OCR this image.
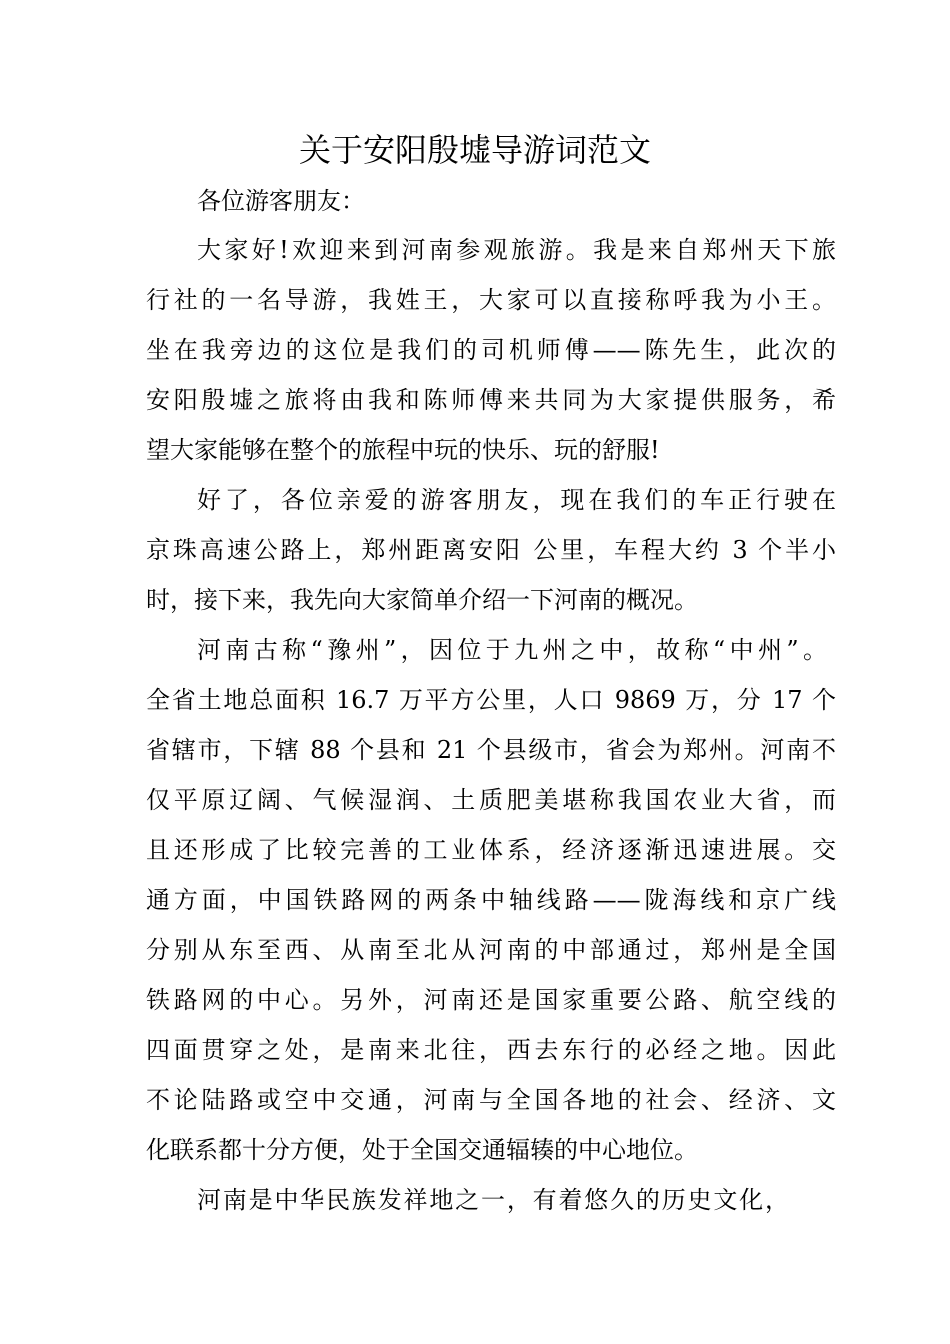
关于安阳殷墟导游词范文
各位游客朋友：
大家好!欢迎来到河南参观旅游。我是来自郑州天下旅
行社的一名导游，我姓王，大家可以直接称呼我为小王。
坐在我旁边的这位是我们的司机师傅——陈先生，此次的
安阳殷墟之旅将由我和陈师傅来共同为大家提供服务，希
望大家能够在整个的旅程中玩的快乐、玩的舒服!
好了，各位亲爱的游客朋友，现在我们的车正行驶在
京珠高速公路上，郑州距离安阳 公里，车程大约 3 个半小
时，接下来，我先向大家简单介绍一下河南的概况。
河南古称“豫州”，因位于九州之中，故称“中州”。
全省土地总面积 16.7 万平方公里，人口 9869 万，分 17 个
省辖市，下辖 88 个县和 21 个县级市，省会为郑州。河南不
仅平原辽阔、气候湿润、土质肥美堪称我国农业大省，而
且还形成了比较完善的工业体系，经济逐渐迅速进展。交
通方面，中国铁路网的两条中轴线路——陇海线和京广线
分别从东至西、从南至北从河南的中部通过，郑州是全国
铁路网的中心。另外，河南还是国家重要公路、航空线的
四面贯穿之处，是南来北往，西去东行的必经之地。因此
不论陆路或空中交通，河南与全国各地的社会、经济、文
化联系都十分方便，处于全国交通辐辏的中心地位。
河南是中华民族发祥地之一，有着悠久的历史文化，
